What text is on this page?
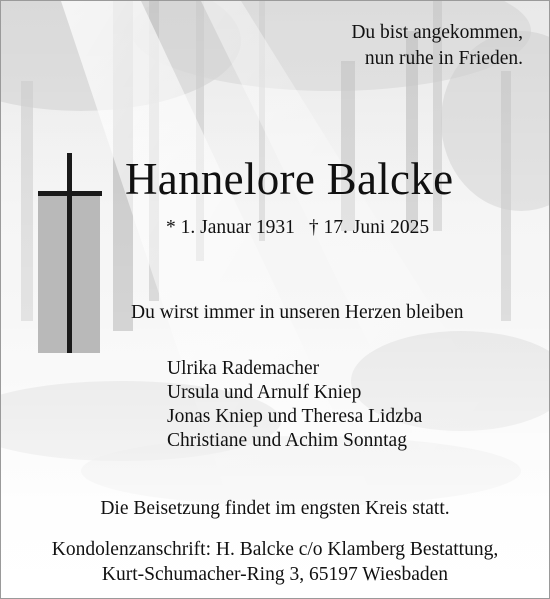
Du bist angekommen,
nun ruhe in Frieden.
Hannelore Balcke
* 1. Januar 1931 † 17. Juni 2025
Du wirst immer in unseren Herzen bleiben
Ulrika Rademacher
Ursula und Arnulf Kniep
Jonas Kniep und Theresa Lidzba
Christiane und Achim Sonntag
Die Beisetzung findet im engsten Kreis statt.
Kondolenzanschrift: H. Balcke c/o Klamberg Bestattung,
Kurt-Schumacher-Ring 3, 65197 Wiesbaden
